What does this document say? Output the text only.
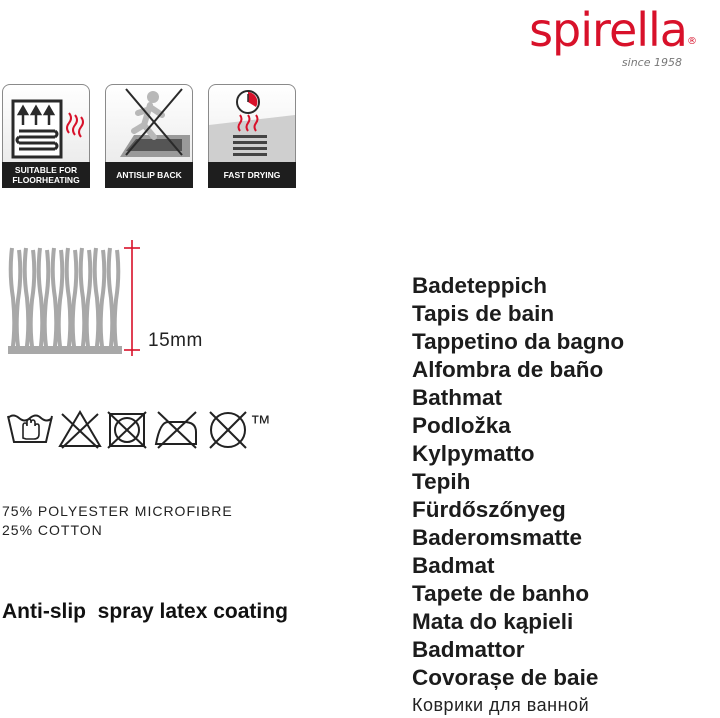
spirella®
since 1958
SUITABLE FOR
FLOORHEATING	ANTISLIP BACK	FAST DRYING
15mm
™
75% POLYESTER MICROFIBRE
25% COTTON
Anti-slip  spray latex coating
Badeteppich
Tapis de bain
Tappetino da bagno
Alfombra de baño
Bathmat
Podložka
Kylpymatto
Tepih
Fürdőszőnyeg
Baderomsmatte
Badmat
Tapete de banho
Mata do kąpieli
Badmattor
Covorașe de baie
Коврики для ванной
